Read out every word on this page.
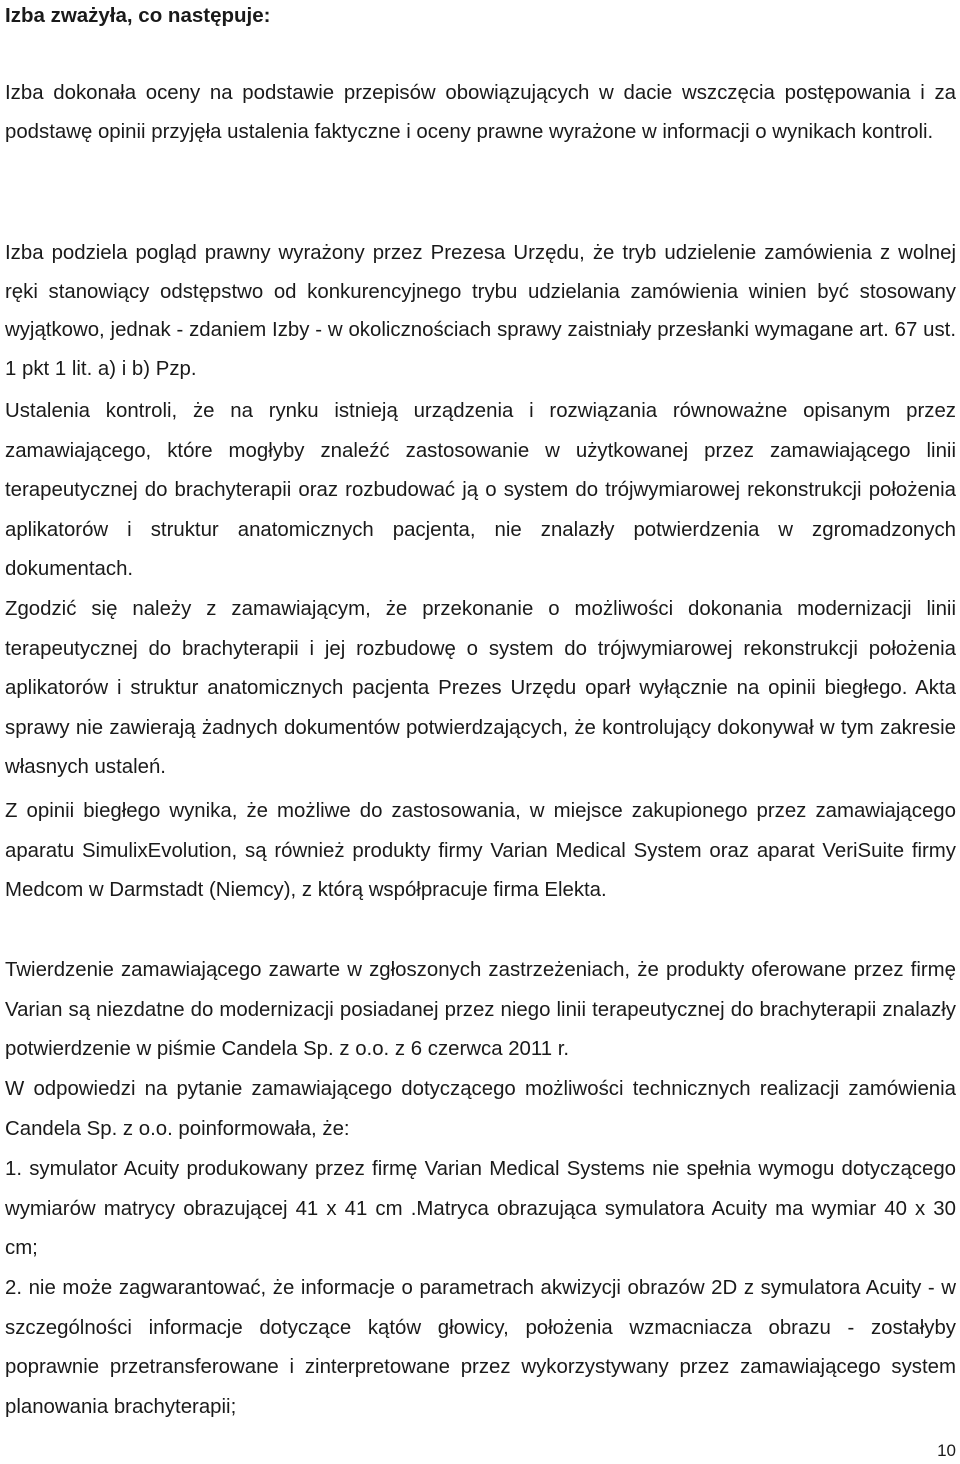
Izba zważyła, co następuje:

Izba dokonała oceny na podstawie przepisów obowiązujących w dacie wszczęcia postępowania i za podstawę opinii przyjęła ustalenia faktyczne i oceny prawne wyrażone w informacji o wynikach kontroli.

Izba podziela pogląd prawny wyrażony przez Prezesa Urzędu, że tryb udzielenie zamówienia z wolnej ręki stanowiący odstępstwo od konkurencyjnego trybu udzielania zamówienia winien być stosowany wyjątkowo, jednak - zdaniem Izby - w okolicznościach sprawy zaistniały przesłanki wymagane art. 67 ust. 1 pkt 1 lit. a) i b) Pzp.

Ustalenia kontroli, że na rynku istnieją urządzenia i rozwiązania równoważne opisanym przez zamawiającego, które mogłyby znaleźć zastosowanie w użytkowanej przez zamawiającego linii terapeutycznej do brachyterapii oraz rozbudować ją o system do trójwymiarowej rekonstrukcji położenia aplikatorów i struktur anatomicznych pacjenta, nie znalazły potwierdzenia w zgromadzonych dokumentach.

Zgodzić się należy z zamawiającym, że przekonanie o możliwości dokonania modernizacji linii terapeutycznej do brachyterapii i jej rozbudowę o system do trójwymiarowej rekonstrukcji położenia aplikatorów i struktur anatomicznych pacjenta Prezes Urzędu oparł wyłącznie na opinii biegłego. Akta sprawy nie zawierają żadnych dokumentów potwierdzających, że kontrolujący dokonywał w tym zakresie własnych ustaleń.

Z opinii biegłego wynika, że możliwe do zastosowania, w miejsce zakupionego przez zamawiającego aparatu SimulixEvolution, są również produkty firmy Varian Medical System oraz aparat VeriSuite firmy Medcom w Darmstadt (Niemcy), z którą współpracuje firma Elekta.

Twierdzenie zamawiającego zawarte w zgłoszonych zastrzeżeniach, że produkty oferowane przez firmę Varian są niezdatne do modernizacji posiadanej przez niego linii terapeutycznej do brachyterapii znalazły potwierdzenie w piśmie Candela Sp. z o.o. z 6 czerwca 2011 r.

W odpowiedzi na pytanie zamawiającego dotyczącego możliwości technicznych realizacji zamówienia Candela Sp. z o.o. poinformowała, że:

1. symulator Acuity produkowany przez firmę Varian Medical Systems nie spełnia wymogu dotyczącego wymiarów matrycy obrazującej 41 x 41 cm .Matryca obrazująca symulatora Acuity ma wymiar 40 x 30 cm;

2. nie może zagwarantować, że informacje o parametrach akwizycji obrazów 2D z symulatora Acuity - w szczególności informacje dotyczące kątów głowicy, położenia wzmacniacza obrazu - zostałyby poprawnie przetransferowane i zinterpretowane przez wykorzystywany przez zamawiającego system planowania brachyterapii;

10
